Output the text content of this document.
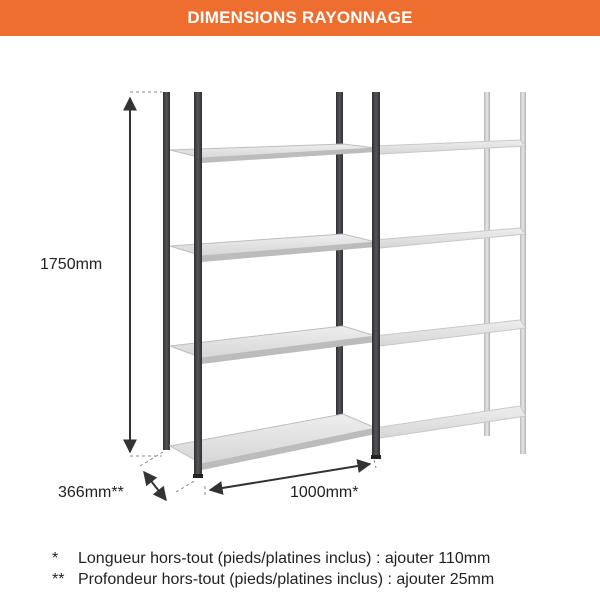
DIMENSIONS RAYONNAGE
1750mm
366mm**	1000mm*
* Longueur hors-tout (pieds/platines inclus) : ajouter 110mm
** Profondeur hors-tout (pieds/platines inclus) : ajouter 25mm
